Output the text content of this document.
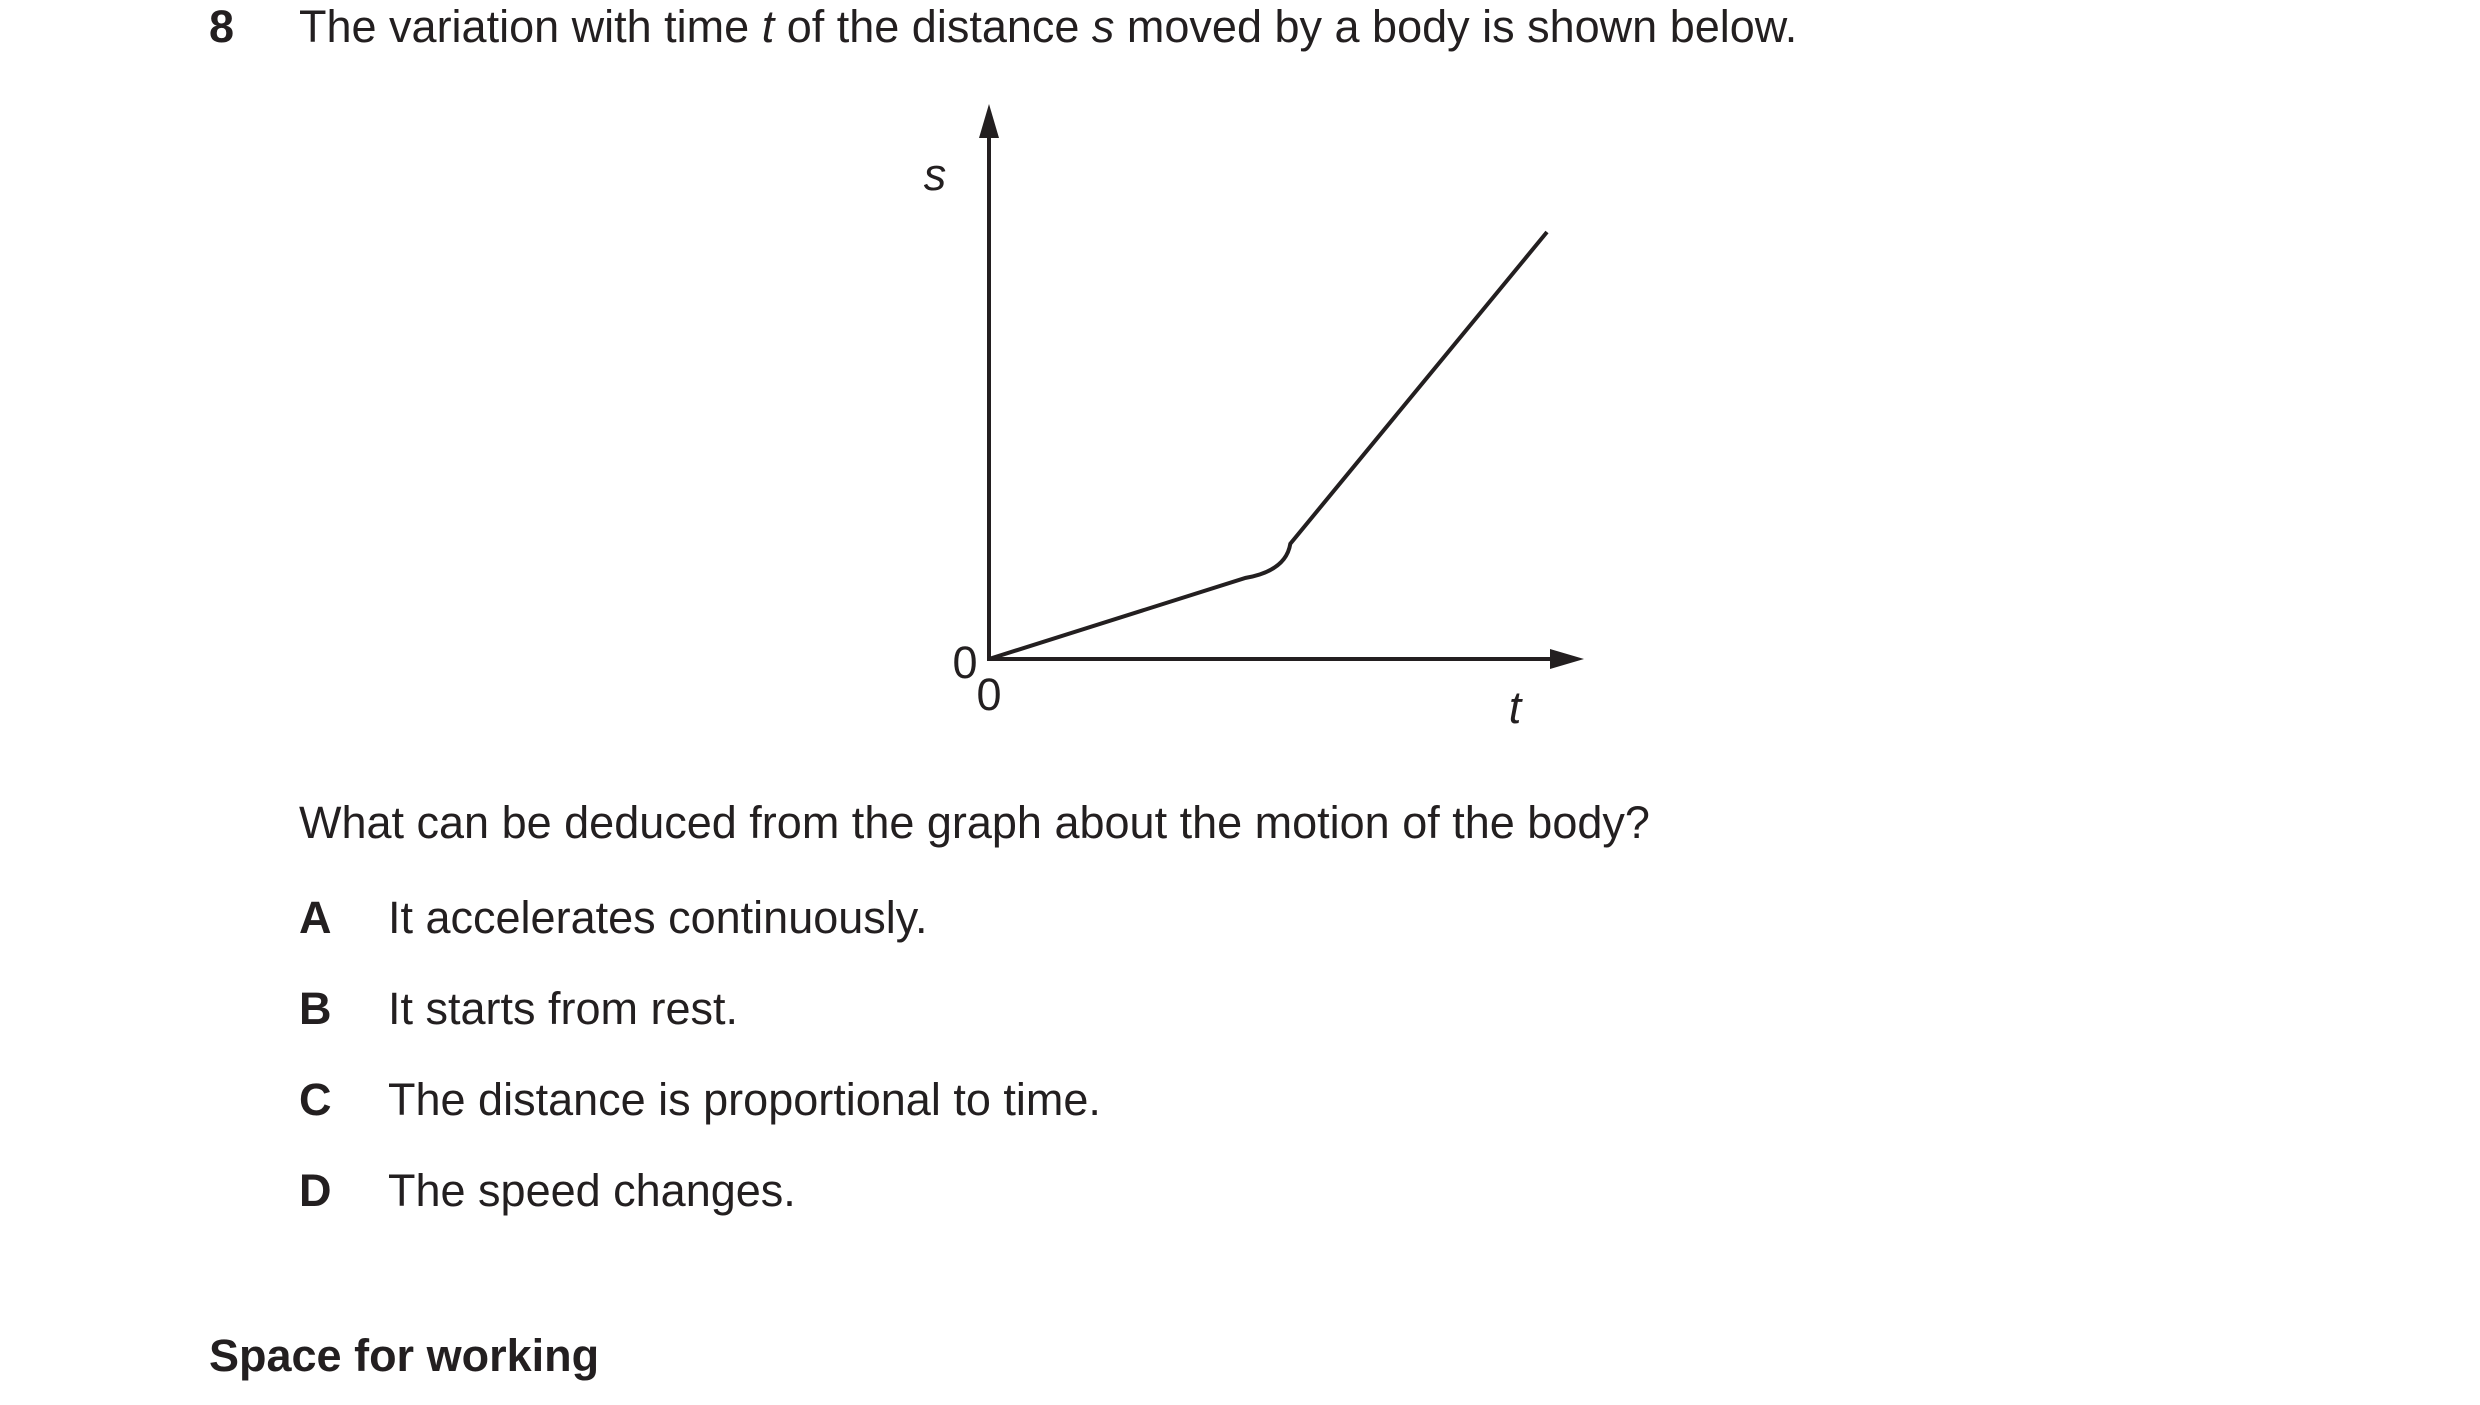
8 The variation with time t of the distance s moved by a body is shown below.
s
t
0
0
What can be deduced from the graph about the motion of the body?
A It accelerates continuously.
B It starts from rest.
C The distance is proportional to time.
D The speed changes.
Space for working
